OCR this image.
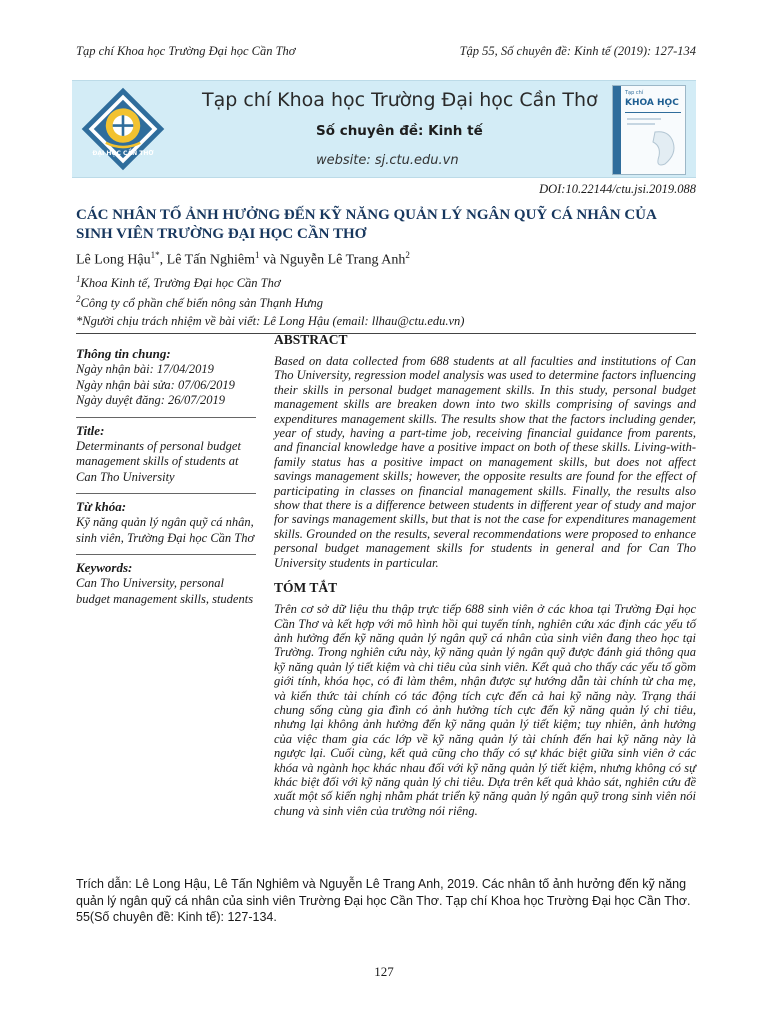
Tạp chí Khoa học Trường Đại học Cần Thơ	Tập 55, Số chuyên đề: Kinh tế (2019): 127-134
ĐẠI HỌC CẦN THƠ
Tạp chí Khoa học Trường Đại học Cần Thơ
Số chuyên đề: Kinh tế
website: sj.ctu.edu.vn
Tạp chí
KHOA HỌC
DOI:10.22144/ctu.jsi.2019.088
CÁC NHÂN TỐ ẢNH HƯỞNG ĐẾN KỸ NĂNG QUẢN LÝ NGÂN QUỸ CÁ NHÂN CỦA SINH VIÊN TRƯỜNG ĐẠI HỌC CẦN THƠ
Lê Long Hậu$^{1*}$, Lê Tấn Nghiêm$^1$ và Nguyễn Lê Trang Anh$^2$
$^1$Khoa Kinh tế, Trường Đại học Cần Thơ
$^2$Công ty cổ phần chế biến nông sản Thạnh Hưng
*Người chịu trách nhiệm về bài viết: Lê Long Hậu (email: llhau@ctu.edu.vn)

Thông tin chung:

Ngày nhận bài: 17/04/2019

Ngày nhận bài sửa: 07/06/2019

Ngày duyệt đăng: 26/07/2019

Title:

Determinants of personal budget management skills of students at Can Tho University

Từ khóa:

Kỹ năng quản lý ngân quỹ cá nhân, sinh viên, Trường Đại học Cần Thơ

Keywords:

Can Tho University, personal budget management skills, students

ABSTRACT

Based on data collected from 688 students at all faculties and institutions of Can Tho University, regression model analysis was used to determine factors influencing their skills in personal budget management skills. In this study, personal budget management skills are breaken down into two skills comprising of savings and expenditures management skills. The results show that the factors including gender, year of study, having a part-time job, receiving financial guidance from parents, and financial knowledge have a positive impact on both of these skills. Living-with-family status has a positive impact on management skills, but does not affect savings management skills; however, the opposite results are found for the effect of participating in classes on financial management skills. Finally, the results also show that there is a difference between students in different year of study and major for savings management skills, but that is not the case for expenditures management skills. Grounded on the results, several recommendations were proposed to enhance personal budget management skills for students in general and for Can Tho University students in particular.

TÓM TẮT

Trên cơ sở dữ liệu thu thập trực tiếp 688 sinh viên ở các khoa tại Trường Đại học Cần Thơ và kết hợp với mô hình hồi qui tuyến tính, nghiên cứu xác định các yếu tố ảnh hưởng đến kỹ năng quản lý ngân quỹ cá nhân của sinh viên đang theo học tại Trường. Trong nghiên cứu này, kỹ năng quản lý ngân quỹ được đánh giá thông qua kỹ năng quản lý tiết kiệm và chi tiêu của sinh viên. Kết quả cho thấy các yếu tố gồm giới tính, khóa học, có đi làm thêm, nhận được sự hướng dẫn tài chính từ cha mẹ, và kiến thức tài chính có tác động tích cực đến cả hai kỹ năng này. Trạng thái chung sống cùng gia đình có ảnh hưởng tích cực đến kỹ năng quản lý chi tiêu, nhưng lại không ảnh hưởng đến kỹ năng quản lý tiết kiệm; tuy nhiên, ảnh hưởng của việc tham gia các lớp về kỹ năng quản lý tài chính đến hai kỹ năng này là ngược lại. Cuối cùng, kết quả cũng cho thấy có sự khác biệt giữa sinh viên ở các khóa và ngành học khác nhau đối với kỹ năng quản lý tiết kiệm, nhưng không có sự khác biệt đối với kỹ năng quản lý chi tiêu. Dựa trên kết quả khảo sát, nghiên cứu đề xuất một số kiến nghị nhằm phát triển kỹ năng quản lý ngân quỹ trong sinh viên nói chung và sinh viên của trường nói riêng.

Trích dẫn: Lê Long Hậu, Lê Tấn Nghiêm và Nguyễn Lê Trang Anh, 2019. Các nhân tố ảnh hưởng đến kỹ năng quản lý ngân quỹ cá nhân của sinh viên Trường Đại học Cần Thơ. Tạp chí Khoa học Trường Đại học Cần Thơ. 55(Số chuyên đề: Kinh tế): 127-134.
127
